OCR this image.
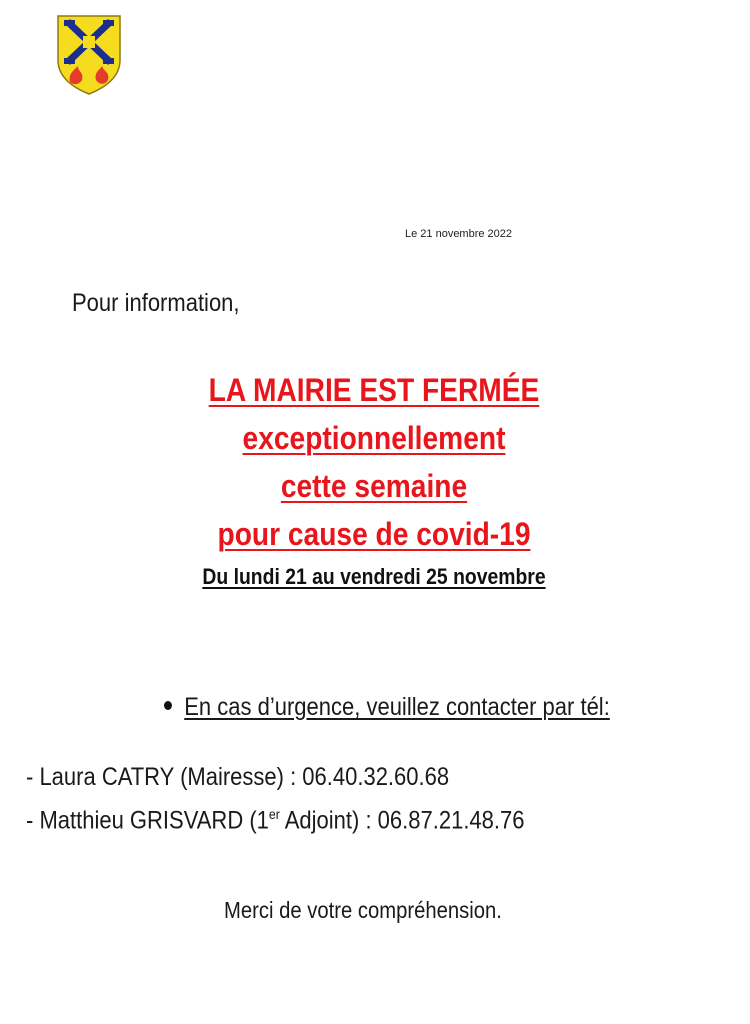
Le 21 novembre 2022
Pour information,
LA MAIRIE EST FERMÉE
exceptionnellement
cette semaine
pour cause de covid-19
Du lundi 21 au vendredi 25 novembre
En cas d’urgence, veuillez contacter par tél:
- Laura CATRY (Mairesse) : 06.40.32.60.68
- Matthieu GRISVARD (1er Adjoint) : 06.87.21.48.76
Merci de votre compréhension.
